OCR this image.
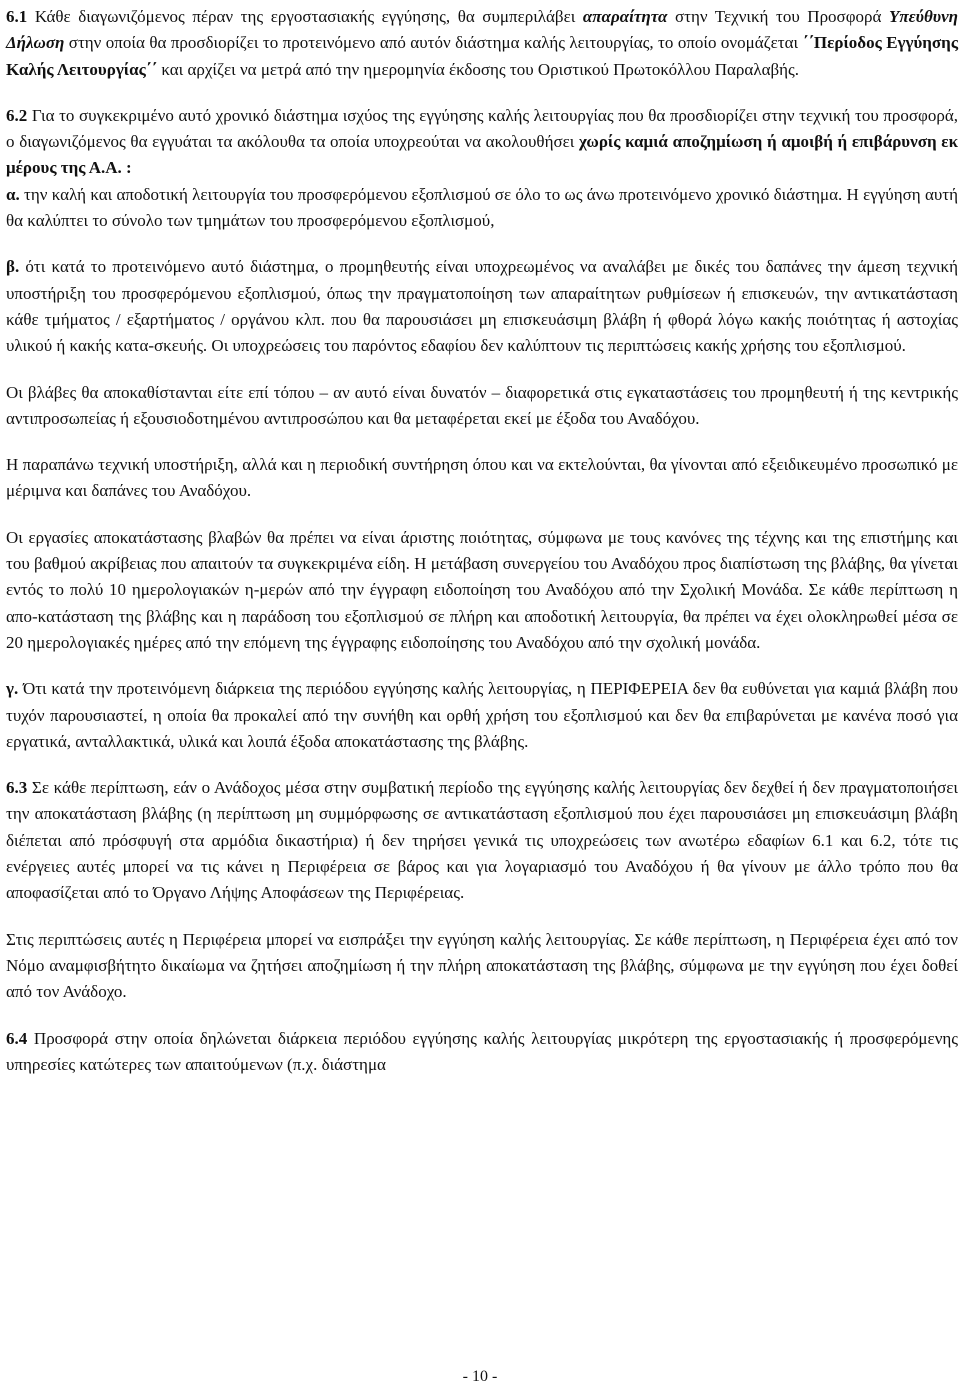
6.1 Κάθε διαγωνιζόμενος πέραν της εργοστασιακής εγγύησης, θα συμπεριλάβει απαραίτητα στην Τεχνική του Προσφορά Υπεύθυνη Δήλωση στην οποία θα προσδιορίζει το προτεινόμενο από αυτόν διάστημα καλής λειτουργίας, το οποίο ονομάζεται ΄΄Περίοδος Εγγύησης Καλής Λειτουργίας΄΄ και αρχίζει να μετρά από την ημερομηνία έκδοσης του Οριστικού Πρωτοκόλλου Παραλαβής.

6.2 Για το συγκεκριμένο αυτό χρονικό διάστημα ισχύος της εγγύησης καλής λειτουργίας που θα προσδιορίζει στην τεχνική του προσφορά, ο διαγωνιζόμενος θα εγγυάται τα ακόλουθα τα οποία υποχρεούται να ακολουθήσει χωρίς καμιά αποζημίωση ή αμοιβή ή επιβάρυνση εκ μέρους της Α.Α. :

α. την καλή και αποδοτική λειτουργία του προσφερόμενου εξοπλισμού σε όλο το ως άνω προτεινόμενο χρονικό διάστημα. Η εγγύηση αυτή θα καλύπτει το σύνολο των τμημάτων του προσφερόμενου εξοπλισμού,

β. ότι κατά το προτεινόμενο αυτό διάστημα, ο προμηθευτής είναι υποχρεωμένος να αναλάβει με δικές του δαπάνες την άμεση τεχνική υποστήριξη του προσφερόμενου εξοπλισμού, όπως την πραγματοποίηση των απαραίτητων ρυθμίσεων ή επισκευών, την αντικατάσταση κάθε τμήματος / εξαρτήματος / οργάνου κλπ. που θα παρουσιάσει μη επισκευάσιμη βλάβη ή φθορά λόγω κακής ποιότητας ή αστοχίας υλικού ή κακής κατα-σκευής. Οι υποχρεώσεις του παρόντος εδαφίου δεν καλύπτουν τις περιπτώσεις κακής χρήσης του εξοπλισμού.

Οι βλάβες θα αποκαθίστανται είτε επί τόπου – αν αυτό είναι δυνατόν – διαφορετικά στις εγκαταστάσεις του προμηθευτή ή της κεντρικής αντιπροσωπείας ή εξουσιοδοτημένου αντιπροσώπου και θα μεταφέρεται εκεί με έξοδα του Αναδόχου.

Η παραπάνω τεχνική υποστήριξη, αλλά και η περιοδική συντήρηση όπου και να εκτελούνται, θα γίνονται από εξειδικευμένο προσωπικό με μέριμνα και δαπάνες του Αναδόχου.

Οι εργασίες αποκατάστασης βλαβών θα πρέπει να είναι άριστης ποιότητας, σύμφωνα με τους κανόνες της τέχνης και της επιστήμης και του βαθμού ακρίβειας που απαιτούν τα συγκεκριμένα είδη. Η μετάβαση συνεργείου του Αναδόχου προς διαπίστωση της βλάβης, θα γίνεται εντός το πολύ 10 ημερολογιακών η-μερών από την έγγραφη ειδοποίηση του Αναδόχου από την Σχολική Μονάδα. Σε κάθε περίπτωση η απο-κατάσταση της βλάβης και η παράδοση του εξοπλισμού σε πλήρη και αποδοτική λειτουργία, θα πρέπει να έχει ολοκληρωθεί μέσα σε 20 ημερολογιακές ημέρες από την επόμενη της έγγραφης ειδοποίησης του Αναδόχου από την σχολική μονάδα.

γ. Ότι κατά την προτεινόμενη διάρκεια της περιόδου εγγύησης καλής λειτουργίας, η ΠΕΡΙΦΕΡΕΙΑ δεν θα ευθύνεται για καμιά βλάβη που τυχόν παρουσιαστεί, η οποία θα προκαλεί από την συνήθη και ορθή χρήση του εξοπλισμού και δεν θα επιβαρύνεται με κανένα ποσό για εργατικά, ανταλλακτικά, υλικά και λοιπά έξοδα αποκατάστασης της βλάβης.

6.3 Σε κάθε περίπτωση, εάν ο Ανάδοχος μέσα στην συμβατική περίοδο της εγγύησης καλής λειτουργίας δεν δεχθεί ή δεν πραγματοποιήσει την αποκατάσταση βλάβης (η περίπτωση μη συμμόρφωσης σε αντικατάσταση εξοπλισμού που έχει παρουσιάσει μη επισκευάσιμη βλάβη διέπεται από πρόσφυγή στα αρμόδια δικαστήρια) ή δεν τηρήσει γενικά τις υποχρεώσεις των ανωτέρω εδαφίων 6.1 και 6.2, τότε τις ενέργειες αυτές μπορεί να τις κάνει η Περιφέρεια σε βάρος και για λογαριασμό του Αναδόχου ή θα γίνουν με άλλο τρόπο που θα αποφασίζεται από το Όργανο Λήψης Αποφάσεων της Περιφέρειας.

Στις περιπτώσεις αυτές η Περιφέρεια μπορεί να εισπράξει την εγγύηση καλής λειτουργίας. Σε κάθε περίπτωση, η Περιφέρεια έχει από τον Νόμο αναμφισβήτητο δικαίωμα να ζητήσει αποζημίωση ή την πλήρη αποκατάσταση της βλάβης, σύμφωνα με την εγγύηση που έχει δοθεί από τον Ανάδοχο.

6.4 Προσφορά στην οποία δηλώνεται διάρκεια περιόδου εγγύησης καλής λειτουργίας μικρότερη της εργοστασιακής ή προσφερόμενης υπηρεσίες κατώτερες των απαιτούμενων (π.χ. διάστημα

- 10 -
